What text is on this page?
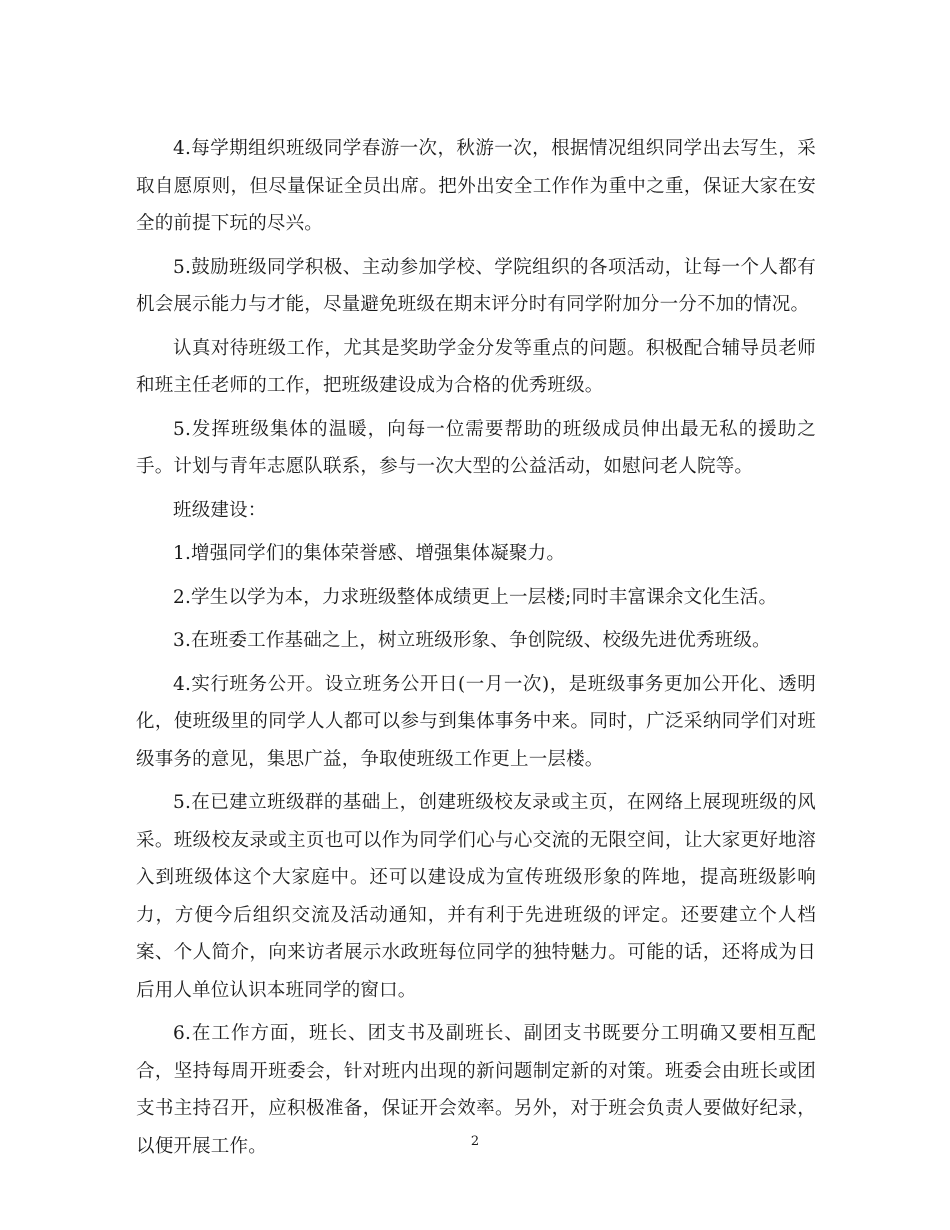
4.每学期组织班级同学春游一次，秋游一次，根据情况组织同学出去写生，采取自愿原则，但尽量保证全员出席。把外出安全工作作为重中之重，保证大家在安全的前提下玩的尽兴。

5.鼓励班级同学积极、主动参加学校、学院组织的各项活动，让每一个人都有机会展示能力与才能，尽量避免班级在期末评分时有同学附加分一分不加的情况。

认真对待班级工作，尤其是奖助学金分发等重点的问题。积极配合辅导员老师和班主任老师的工作，把班级建设成为合格的优秀班级。

5.发挥班级集体的温暖，向每一位需要帮助的班级成员伸出最无私的援助之手。计划与青年志愿队联系，参与一次大型的公益活动，如慰问老人院等。

班级建设：

1.增强同学们的集体荣誉感、增强集体凝聚力。

2.学生以学为本，力求班级整体成绩更上一层楼;同时丰富课余文化生活。

3.在班委工作基础之上，树立班级形象、争创院级、校级先进优秀班级。

4.实行班务公开。设立班务公开日(一月一次)，是班级事务更加公开化、透明化，使班级里的同学人人都可以参与到集体事务中来。同时，广泛采纳同学们对班级事务的意见，集思广益，争取使班级工作更上一层楼。

5.在已建立班级群的基础上，创建班级校友录或主页，在网络上展现班级的风采。班级校友录或主页也可以作为同学们心与心交流的无限空间，让大家更好地溶入到班级体这个大家庭中。还可以建设成为宣传班级形象的阵地，提高班级影响力，方便今后组织交流及活动通知，并有利于先进班级的评定。还要建立个人档案、个人简介，向来访者展示水政班每位同学的独特魅力。可能的话，还将成为日后用人单位认识本班同学的窗口。

6.在工作方面，班长、团支书及副班长、副团支书既要分工明确又要相互配合，坚持每周开班委会，针对班内出现的新问题制定新的对策。班委会由班长或团支书主持召开，应积极准备，保证开会效率。另外，对于班会负责人要做好纪录，以便开展工作。	2
